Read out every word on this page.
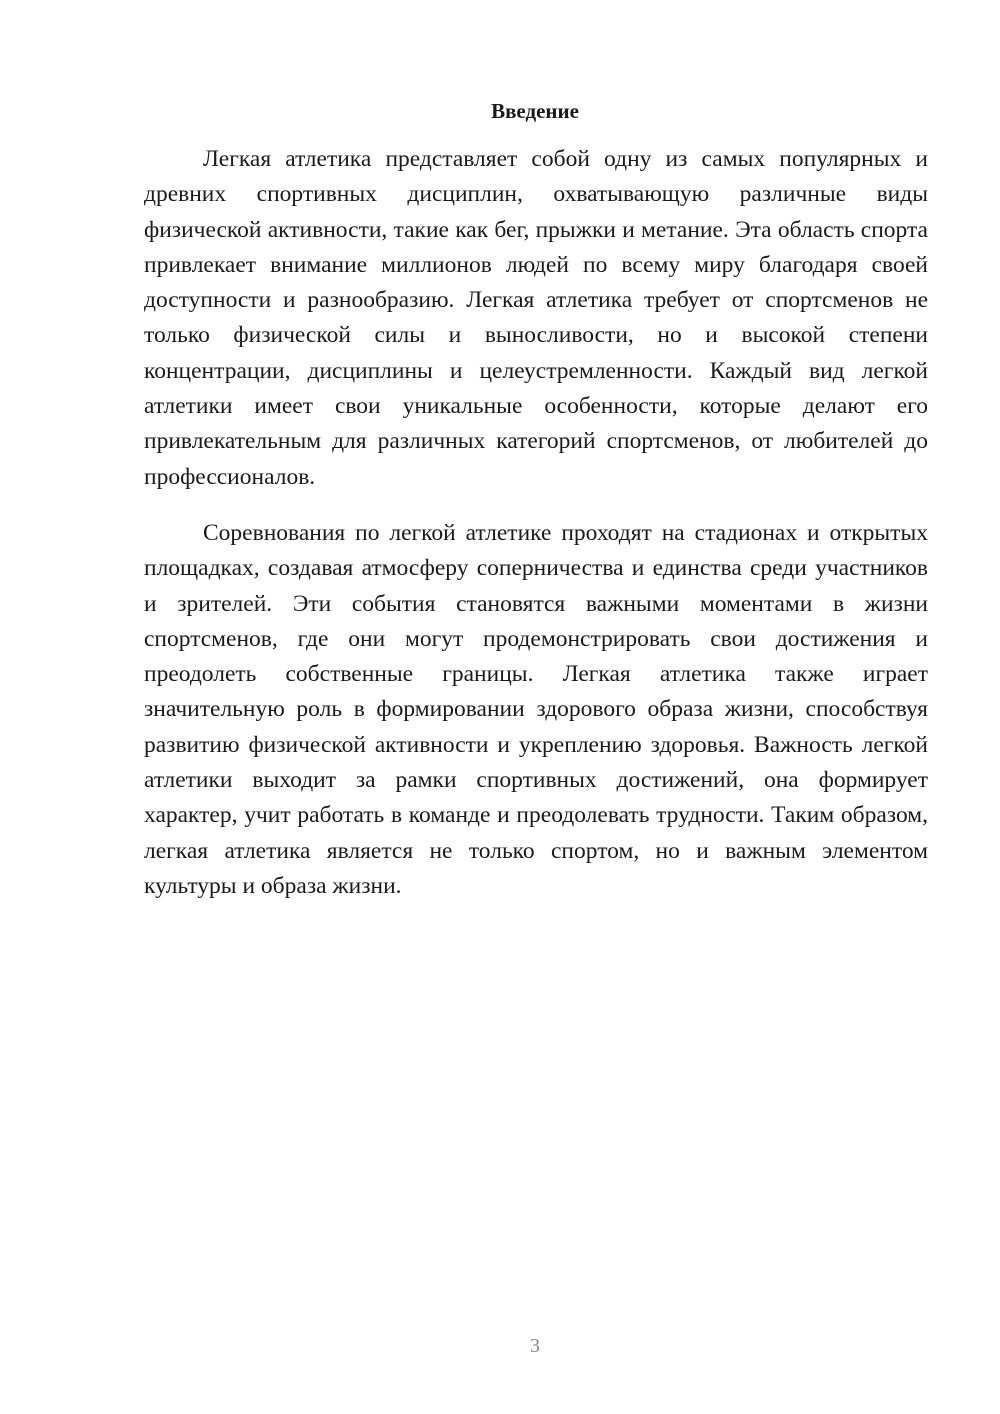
Введение

Легкая атлетика представляет собой одну из самых популярных и древних спортивных дисциплин, охватывающую различные виды физической активности, такие как бег, прыжки и метание. Эта область спорта привлекает внимание миллионов людей по всему миру благодаря своей доступности и разнообразию. Легкая атлетика требует от спортсменов не только физической силы и выносливости, но и высокой степени концентрации, дисциплины и целеустремленности. Каждый вид легкой атлетики имеет свои уникальные особенности, которые делают его привлекательным для различных категорий спортсменов, от любителей до профессионалов.

Соревнования по легкой атлетике проходят на стадионах и открытых площадках, создавая атмосферу соперничества и единства среди участников и зрителей. Эти события становятся важными моментами в жизни спортсменов, где они могут продемонстрировать свои достижения и преодолеть собственные границы. Легкая атлетика также играет значительную роль в формировании здорового образа жизни, способствуя развитию физической активности и укреплению здоровья. Важность легкой атлетики выходит за рамки спортивных достижений, она формирует характер, учит работать в команде и преодолевать трудности. Таким образом, легкая атлетика является не только спортом, но и важным элементом культуры и образа жизни.

3
